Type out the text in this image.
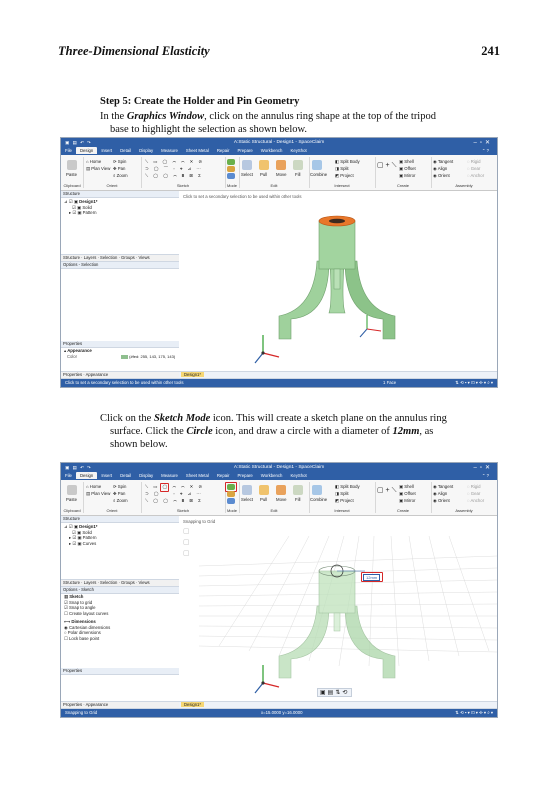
Three-Dimensional Elasticity	241
Step 5: Create the Holder and Pin Geometry
In the Graphics Window, click on the annulus ring shape at the top of the tripod
base to highlight the selection as shown below.
▣ ▤ ↶ ↷	A:Static Structural - Design1 - SpaceClaim	‒▫✕
File Design Insert Detail Display Measure Sheet Metal Repair Prepare Workbench KeyShot	⌃ ?
Paste
Clipboard
⌂ Home	⟳ Spin
▤ Plan View ✥ Pan
⌕ Zoom
Orient
⟍ ▭ ◯ ⌒ ⌒ ✕ ⊘
⊃ ◯ ⌒ ◦ ⌖ ⊿ ⋯
⟍ ◯ ◯ ⌒ ⩩ ⊠ Σ
Sketch	Mode
Select Pull Move Fill
Edit
Combine
◧ Split Body
◨ Split
◩ Project
Intersect
▢ + ⟍
▣ Shell
▣ Offset
▣ Mirror
Create
◉ Tangent
◉ Align
◉ Orient
◌ Rigid
◌ Gear
◌ Anchor
Assembly
Structure
⊿ ☑ ▣ Design1*
☑ ▣ Solid
▸ ☑ ▣ Pattern
Structure · Layers · Selection · Groups · Views
Options - Selection
Properties
▴ Appearance
Color	(#fed: 255, 143, 175, 143)
Properties · Appearance
Click to set a secondary selection to be used within other tools
Design1*
Click to set a secondary selection to be used within other tools	1 Face	⇅ ⟲ ▪ ▾ ⊡ ▾ ✣ ▾ ⌕ ▾
Click on the Sketch Mode icon. This will create a sketch plane on the annulus ring
surface. Click the Circle icon, and draw a circle with a diameter of 12mm, as
shown below.
▣ ▤ ↶ ↷	A:Static Structural - Design1 - SpaceClaim	‒▫✕
File Design Insert Detail Display Measure Sheet Metal Repair Prepare Workbench KeyShot	⌃ ?
Paste
Clipboard
⌂ Home	⟳ Spin
▤ Plan View ✥ Pan
⌕ Zoom
Orient
⟍ ▭ ◯ ⌒ ⌒ ✕ ⊘
⊃ ◯ ⌒ ◦ ⌖ ⊿ ⋯
⟍ ◯ ◯ ⌒ ⩩ ⊠ Σ
Sketch	Mode
Select Pull Move Fill
Edit
Combine
◧ Split Body
◨ Split
◩ Project
Intersect
▢ + ⟍
▣ Shell
▣ Offset
▣ Mirror
Create
◉ Tangent
◉ Align
◉ Orient
◌ Rigid
◌ Gear
◌ Anchor
Assembly
Structure
⊿ ☑ ▣ Design1*
☑ ▣ Solid
▸ ☑ ▣ Pattern
▸ ☑ ▣ Curves
Structure · Layers · Selection · Groups · Views
Options - Sketch
▦ Sketch
☑ Snap to grid
☑ Snap to angle
☐ Create layout curves
⟷ Dimensions
◉ Cartesian dimensions
○ Polar dimensions
☐ Lock base point
Properties
Properties · Appearance
Snapping to Grid
▢
▢
▢
12mm
▣▤⇅⟲
Design1*
Snapping to Grid	x=15.0000 y=16.0000	⇅ ⟲ ▪ ▾ ⊡ ▾ ✣ ▾ ⌕ ▾
